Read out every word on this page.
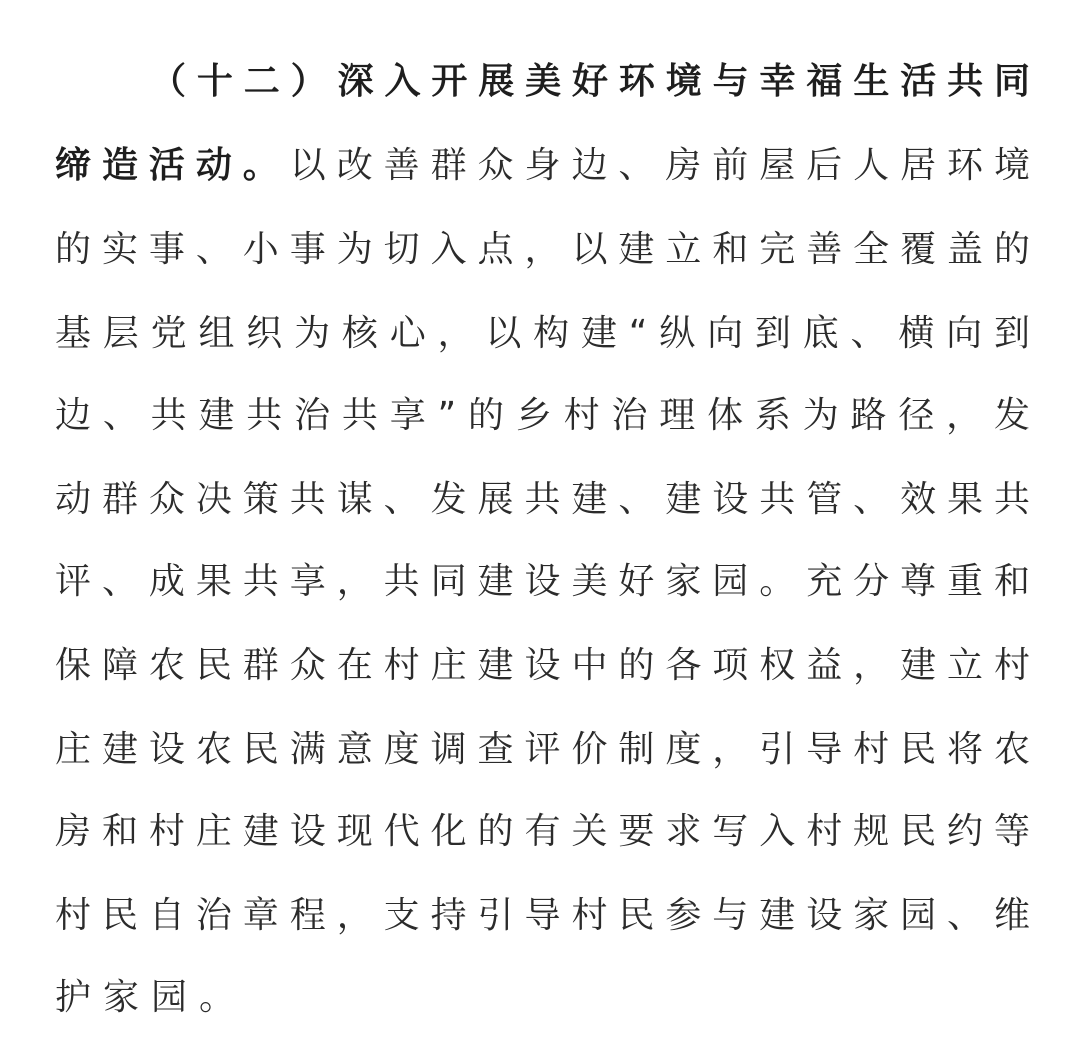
（十二）深入开展美好环境与幸福生活共同
缔造活动。以改善群众身边、房前屋后人居环境
的实事、小事为切入点，以建立和完善全覆盖的
基层党组织为核心，以构建“纵向到底、横向到
边、共建共治共享”的乡村治理体系为路径，发
动群众决策共谋、发展共建、建设共管、效果共
评、成果共享，共同建设美好家园。充分尊重和
保障农民群众在村庄建设中的各项权益，建立村
庄建设农民满意度调查评价制度，引导村民将农
房和村庄建设现代化的有关要求写入村规民约等
村民自治章程，支持引导村民参与建设家园、维
护家园。
